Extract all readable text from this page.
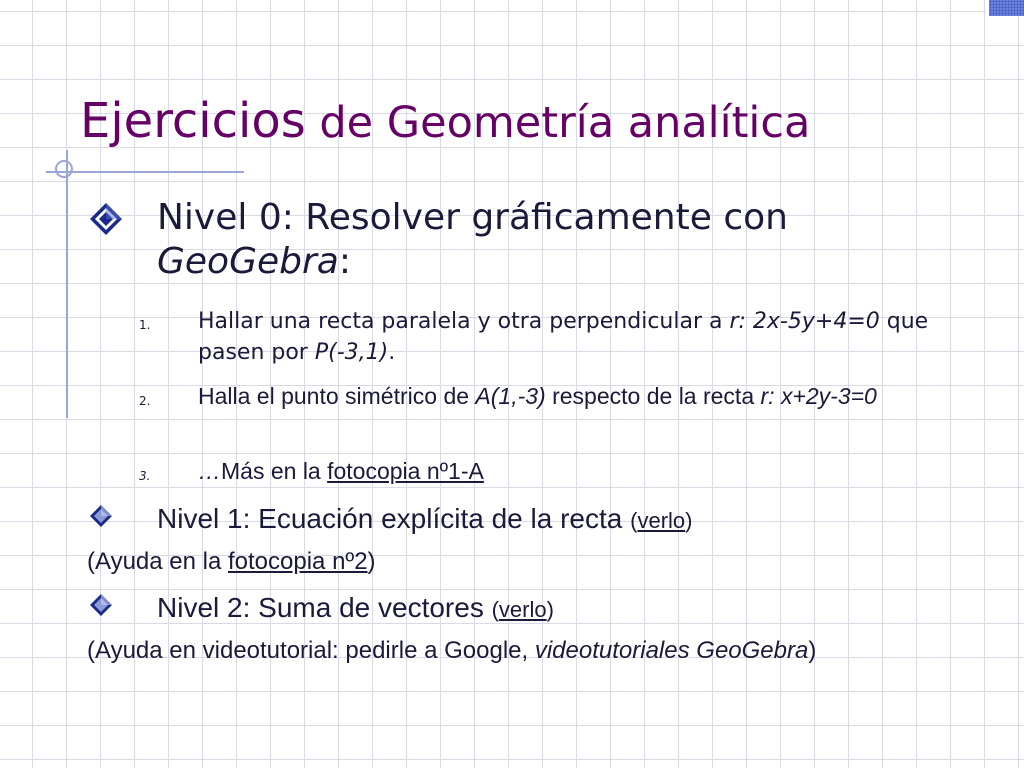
Ejercicios de Geometría analítica
Nivel 0: Resolver gráficamente con
GeoGebra:
1. Hallar una recta paralela y otra perpendicular a r: 2x-5y+4=0 que pasen por P(-3,1).
2. Halla el punto simétrico de A(1,-3) respecto de la recta r: x+2y-3=0
3. …Más en la fotocopia nº1-A
Nivel 1: Ecuación explícita de la recta (verlo)
(Ayuda en la fotocopia nº2)
Nivel 2: Suma de vectores (verlo)
(Ayuda en videotutorial: pedirle a Google, videotutoriales GeoGebra)
